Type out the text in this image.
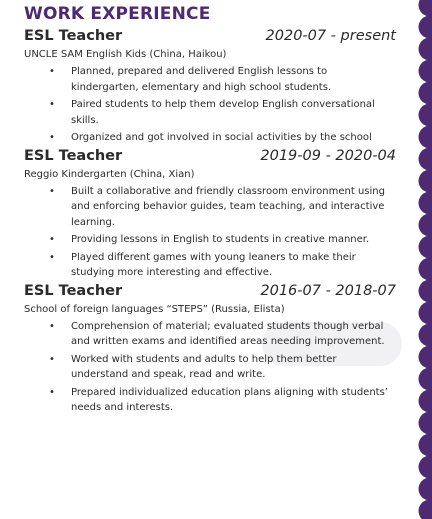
WORK EXPERIENCE
ESL Teacher	2020-07 - present
UNCLE SAM English Kids (China, Haikou)
• Planned, prepared and delivered English lessons to kindergarten, elementary and high school students.
• Paired students to help them develop English conversational skills.
• Organized and got involved in social activities by the school
ESL Teacher	2019-09 - 2020-04
Reggio Kindergarten (China, Xian)
• Built a collaborative and friendly classroom environment using and enforcing behavior guides, team teaching, and interactive learning.
• Providing lessons in English to students in creative manner.
• Played different games with young leaners to make their studying more interesting and effective.
ESL Teacher	2016-07 - 2018-07
School of foreign languages “STEPS” (Russia, Elista)
• Comprehension of material; evaluated students though verbal and written exams and identified areas needing improvement.
• Worked with students and adults to help them better understand and speak, read and write.
• Prepared individualized education plans aligning with students’ needs and interests.
